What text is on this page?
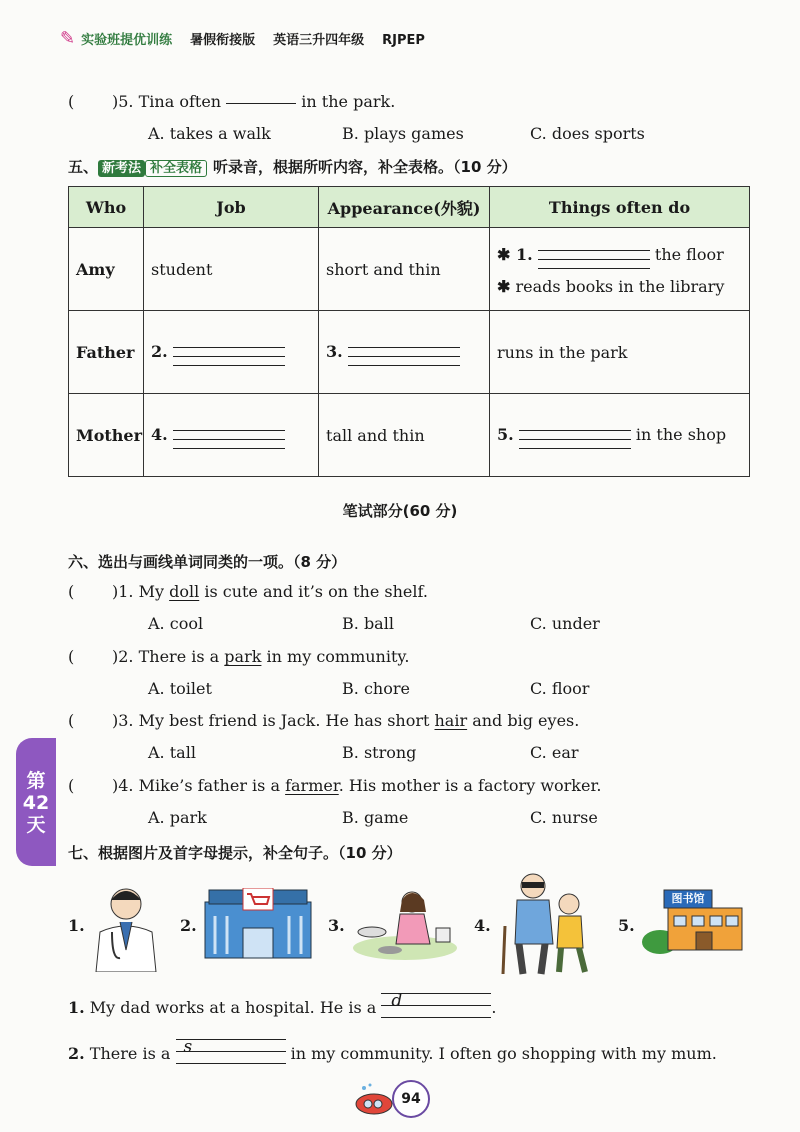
✎ 实验班提优训练 暑假衔接版 英语三升四年级 RJPEP
( )5. Tina often	in the park.
A. takes a walk	B. plays games	C. does sports
五、 新考法 补全表格 听录音，根据所听内容，补全表格。（10 分）
Who	Job	Appearance(外貌)	Things often do
Amy	student	short and thin	✱ 1. the floor
✱ reads books in the library

Father	2.	3.	runs in the park
Mother	4.	tall and thin	5. in the shop
笔试部分(60 分)
六、选出与画线单词同类的一项。（8 分）
( )1. My doll is cute and it’s on the shelf.
A. cool	B. ball	C. under
( )2. There is a park in my community.
A. toilet	B. chore	C. floor
( )3. My best friend is Jack. He has short hair and big eyes.
A. tall	B. strong	C. ear
( )4. Mike’s father is a farmer. His mother is a factory worker.
A. park	B. game	C. nurse
第
42
天
七、根据图片及首字母提示，补全句子。（10 分）
1.	2.	3.	4.	5.
图书馆
1. My dad works at a hospital. He is a d	.
2. There is a s	in my community. I often go shopping with my mum.
94
